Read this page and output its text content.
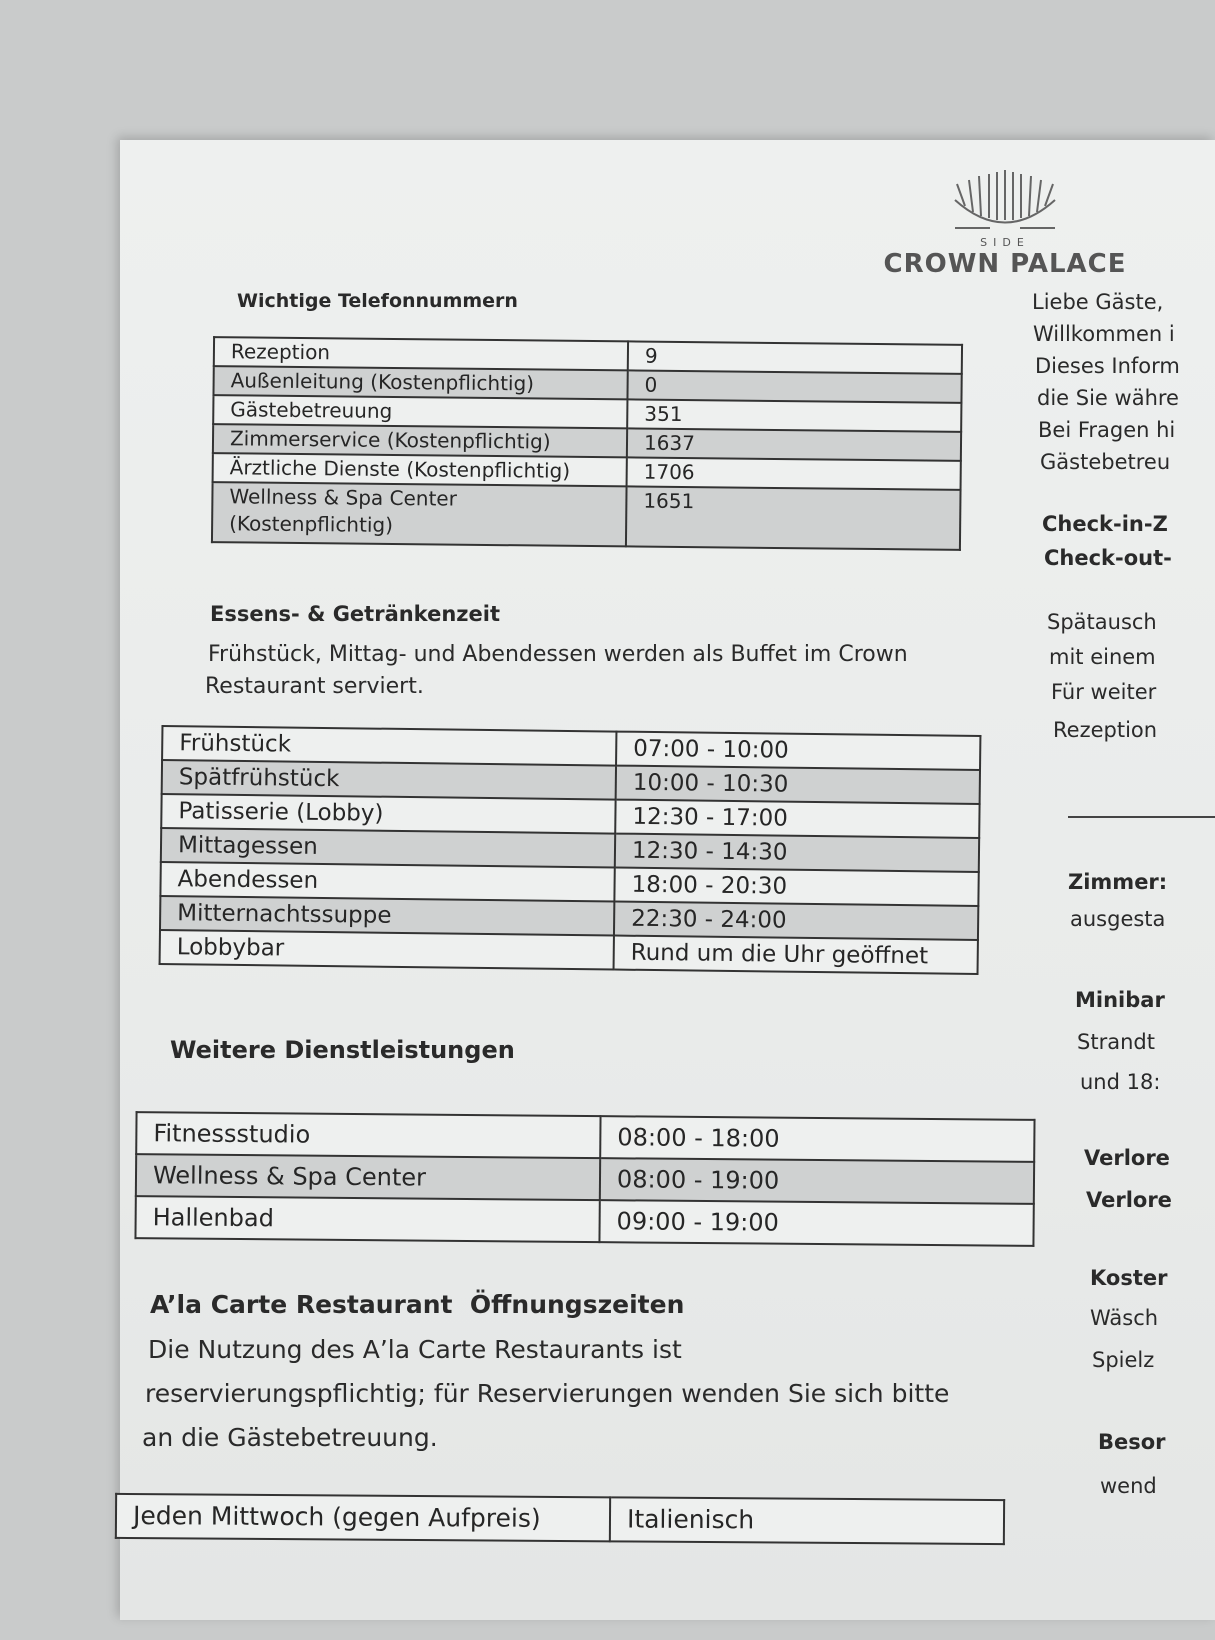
SIDE
CROWN PALACE
Wichtige Telefonnummern
Rezeption	9
Außenleitung (Kostenpflichtig)	0
Gästebetreuung	351
Zimmerservice (Kostenpflichtig)	1637
Ärztliche Dienste (Kostenpflichtig)	1706
Wellness & Spa Center (Kostenpflichtig)	1651
Essens- & Getränkenzeit

Frühstück, Mittag- und Abendessen werden als Buffet im Crown

Restaurant serviert.

Frühstück	07:00 - 10:00
Spätfrühstück	10:00 - 10:30
Patisserie (Lobby)	12:30 - 17:00
Mittagessen	12:30 - 14:30
Abendessen	18:00 - 20:30
Mitternachtssuppe	22:30 - 24:00
Lobbybar	Rund um die Uhr geöffnet
Weitere Dienstleistungen
Fitnessstudio	08:00 - 18:00
Wellness & Spa Center	08:00 - 19:00
Hallenbad	09:00 - 19:00
A’la Carte Restaurant  Öffnungszeiten

Die Nutzung des A’la Carte Restaurants ist

reservierungspflichtig; für Reservierungen wenden Sie sich bitte

an die Gästebetreuung.

Jeden Mittwoch (gegen Aufpreis)	Italienisch
Liebe Gäste,
Willkommen i
Dieses Inform
die Sie währe
Bei Fragen hi
Gästebetreu
Check-in-Z
Check-out-
Spätausch
mit einem
Für weiter
Rezeption
Zimmer:
ausgesta
Minibar
Strandt
und 18:
Verlore
Verlore
Koster
Wäsch
Spielz
Besor
wend
